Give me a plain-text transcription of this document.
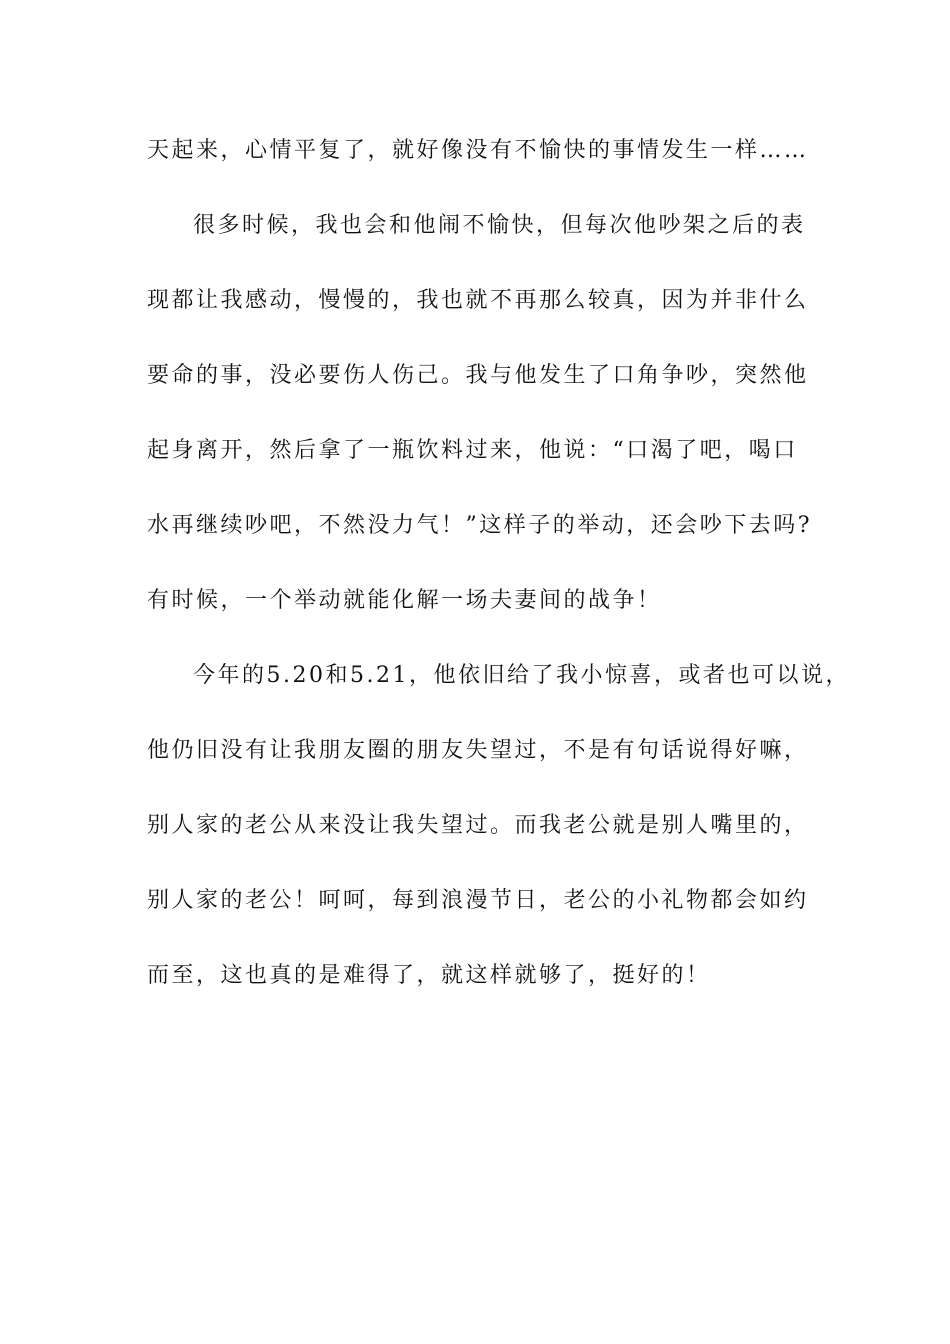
天起来，心情平复了，就好像没有不愉快的事情发生一样……
很多时候，我也会和他闹不愉快，但每次他吵架之后的表
现都让我感动，慢慢的，我也就不再那么较真，因为并非什么
要命的事，没必要伤人伤己。我与他发生了口角争吵，突然他
起身离开，然后拿了一瓶饮料过来，他说：“口渴了吧，喝口
水再继续吵吧，不然没力气！”这样子的举动，还会吵下去吗?
有时候，一个举动就能化解一场夫妻间的战争！
今年的5.20和5.21，他依旧给了我小惊喜，或者也可以说，
他仍旧没有让我朋友圈的朋友失望过，不是有句话说得好嘛，
别人家的老公从来没让我失望过。而我老公就是别人嘴里的，
别人家的老公！呵呵，每到浪漫节日，老公的小礼物都会如约
而至，这也真的是难得了，就这样就够了，挺好的！
